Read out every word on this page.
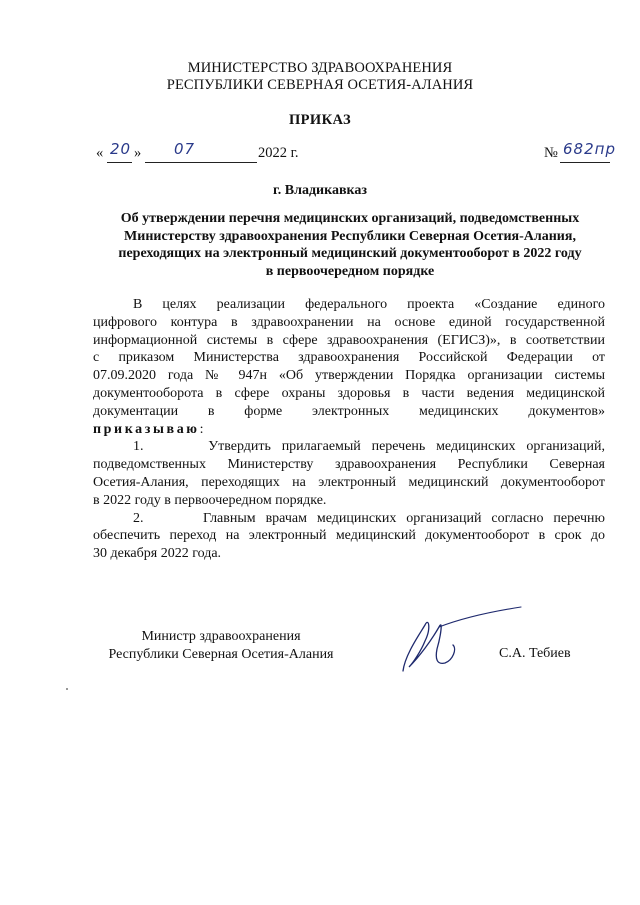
МИНИСТЕРСТВО ЗДРАВООХРАНЕНИЯ
РЕСПУБЛИКИ СЕВЕРНАЯ ОСЕТИЯ-АЛАНИЯ
ПРИКАЗ
« 20 » 07	2022 г.	№ 682пр
г. Владикавказ
Об утверждении перечня медицинских организаций, подведомственных
Министерству здравоохранения Республики Северная Осетия-Алания,
переходящих на электронный медицинский документооборот в 2022 году
в первоочередном порядке
В целях реализации федерального проекта «Создание единого
цифрового контура в здравоохранении на основе единой государственной
информационной системы в сфере здравоохранения (ЕГИСЗ)», в соответствии
с приказом Министерства здравоохранения Российской Федерации от
07.09.2020 года № 947н «Об утверждении Порядка организации системы
документооборота в сфере охраны здоровья в части ведения медицинской
документации в форме электронных медицинских документов»
приказываю:
1.	Утвердить прилагаемый перечень медицинских организаций,
подведомственных Министерству здравоохранения Республики Северная
Осетия-Алания, переходящих на электронный медицинский документооборот
в 2022 году в первоочередном порядке.
2.	Главным врачам медицинских организаций согласно перечню
обеспечить переход на электронный медицинский документооборот в срок до
30 декабря 2022 года.
Министр здравоохранения
Республики Северная Осетия-Алания	С.А. Тебиев
